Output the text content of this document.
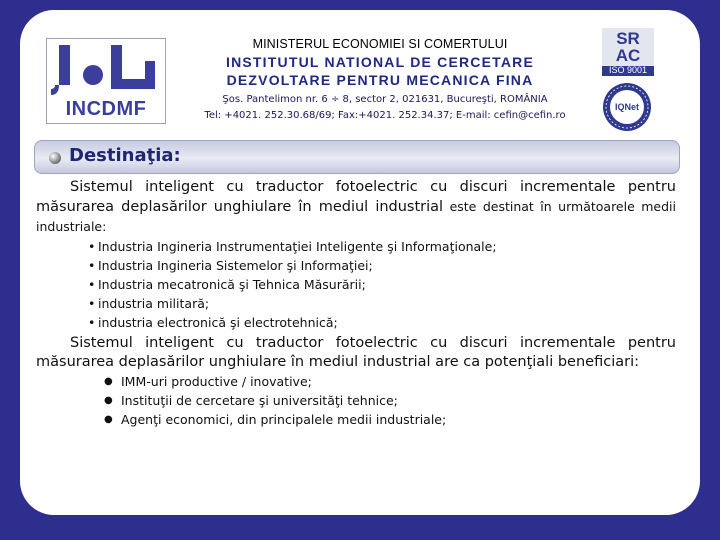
INCDMF
MINISTERUL ECONOMIEI SI COMERTULUI
INSTITUTUL NATIONAL DE CERCETARE
DEZVOLTARE PENTRU MECANICA FINA
Şos. Pantelimon nr. 6 ÷ 8, sector 2, 021631, Bucureşti, ROMÂNIA
Tel: +4021. 252.30.68/69; Fax:+4021. 252.34.37; E-mail: cefin@cefin.ro
SR
AC
ISO 9001
IQNet
Destinaţia:

Sistemul inteligent cu traductor fotoelectric cu discuri incrementale pentru măsurarea deplasărilor unghiulare în mediul industrial este destinat în următoarele medii industriale:

• Industria Ingineria Instrumentaţiei Inteligente şi Informaţionale;
• Industria Ingineria Sistemelor şi Informaţiei;
• Industria mecatronică şi Tehnica Măsurării;
• industria militară;
• industria electronică şi electrotehnică;

Sistemul inteligent cu traductor fotoelectric cu discuri incrementale pentru măsurarea deplasărilor unghiulare în mediul industrial are ca potenţiali beneficiari:

● IMM-uri productive / inovative;
● Instituţii de cercetare şi universităţi tehnice;
● Agenţi economici, din principalele medii industriale;
